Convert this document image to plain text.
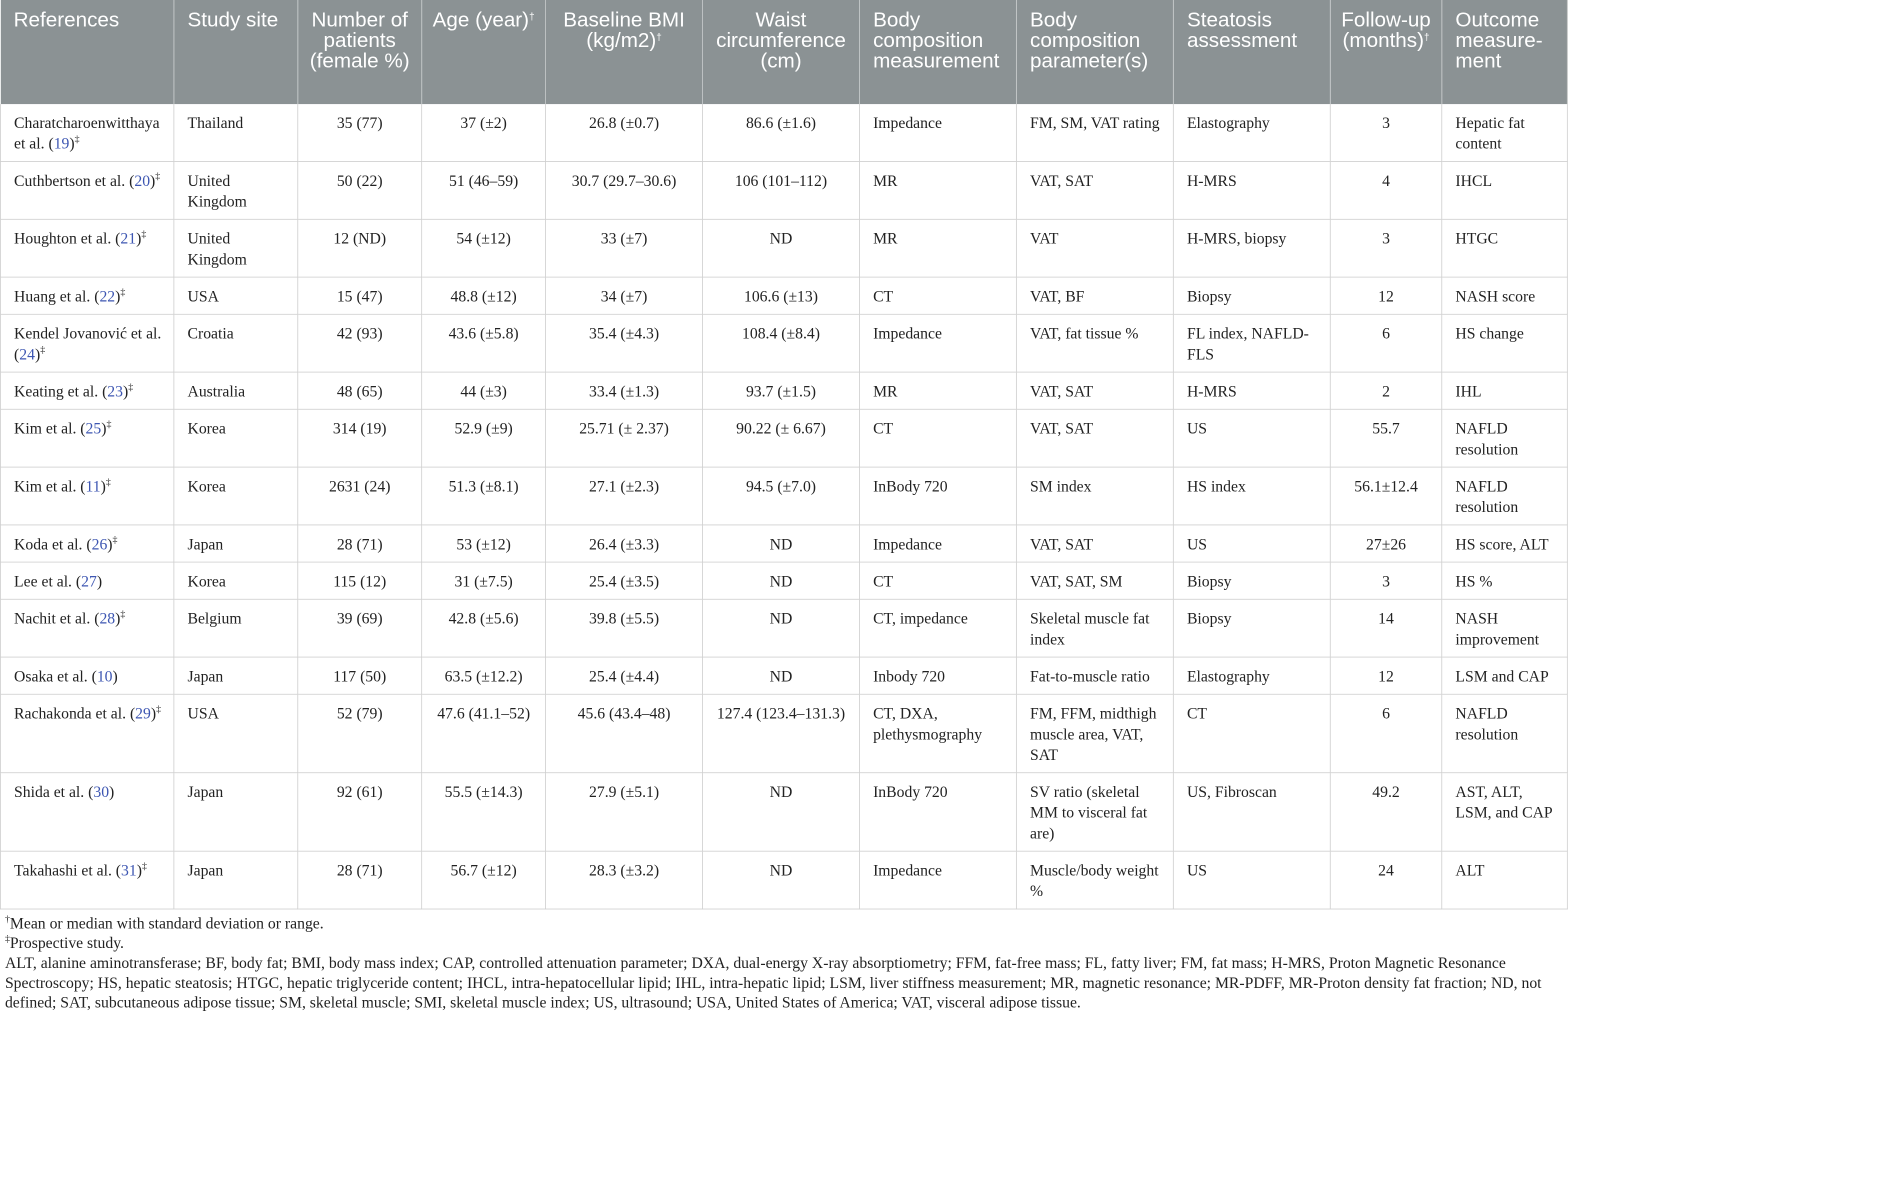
References	Study site	Number of patients (female %)	Age (year)†	Baseline BMI (kg/m2)†	Waist circumference (cm)	Body composition measurement	Body composition parameter(s)	Steatosis assessment	Follow-up (months)†	Outcome measure-ment
Charatcharoenwitthaya et al. (19)‡	Thailand	35 (77)	37 (±2)	26.8 (±0.7)	86.6 (±1.6)	Impedance	FM, SM, VAT rating	Elastography	3	Hepatic fat content
Cuthbertson et al. (20)‡	United Kingdom	50 (22)	51 (46–59)	30.7 (29.7–30.6)	106 (101–112)	MR	VAT, SAT	H-MRS	4	IHCL
Houghton et al. (21)‡	United Kingdom	12 (ND)	54 (±12)	33 (±7)	ND	MR	VAT	H-MRS, biopsy	3	HTGC
Huang et al. (22)‡	USA	15 (47)	48.8 (±12)	34 (±7)	106.6 (±13)	CT	VAT, BF	Biopsy	12	NASH score
Kendel Jovanović et al. (24)‡	Croatia	42 (93)	43.6 (±5.8)	35.4 (±4.3)	108.4 (±8.4)	Impedance	VAT, fat tissue %	FL index, NAFLD-FLS	6	HS change
Keating et al. (23)‡	Australia	48 (65)	44 (±3)	33.4 (±1.3)	93.7 (±1.5)	MR	VAT, SAT	H-MRS	2	IHL
Kim et al. (25)‡	Korea	314 (19)	52.9 (±9)	25.71 (± 2.37)	90.22 (± 6.67)	CT	VAT, SAT	US	55.7	NAFLD resolution
Kim et al. (11)‡	Korea	2631 (24)	51.3 (±8.1)	27.1 (±2.3)	94.5 (±7.0)	InBody 720	SM index	HS index	56.1±12.4	NAFLD resolution
Koda et al. (26)‡	Japan	28 (71)	53 (±12)	26.4 (±3.3)	ND	Impedance	VAT, SAT	US	27±26	HS score, ALT
Lee et al. (27)	Korea	115 (12)	31 (±7.5)	25.4 (±3.5)	ND	CT	VAT, SAT, SM	Biopsy	3	HS %
Nachit et al. (28)‡	Belgium	39 (69)	42.8 (±5.6)	39.8 (±5.5)	ND	CT, impedance	Skeletal muscle fat index	Biopsy	14	NASH improvement
Osaka et al. (10)	Japan	117 (50)	63.5 (±12.2)	25.4 (±4.4)	ND	Inbody 720	Fat-to-muscle ratio	Elastography	12	LSM and CAP
Rachakonda et al. (29)‡	USA	52 (79)	47.6 (41.1–52)	45.6 (43.4–48)	127.4 (123.4–131.3)	CT, DXA, plethysmography	FM, FFM, midthigh muscle area, VAT, SAT	CT	6	NAFLD resolution
Shida et al. (30)	Japan	92 (61)	55.5 (±14.3)	27.9 (±5.1)	ND	InBody 720	SV ratio (skeletal MM to visceral fat are)	US, Fibroscan	49.2	AST, ALT, LSM, and CAP
Takahashi et al. (31)‡	Japan	28 (71)	56.7 (±12)	28.3 (±3.2)	ND	Impedance	Muscle/body weight %	US	24	ALT

†Mean or median with standard deviation or range.

‡Prospective study.

ALT, alanine aminotransferase; BF, body fat; BMI, body mass index; CAP, controlled attenuation parameter; DXA, dual-energy X-ray absorptiometry; FFM, fat-free mass; FL, fatty liver; FM, fat mass; H-MRS, Proton Magnetic Resonance Spectroscopy; HS, hepatic steatosis; HTGC, hepatic triglyceride content; IHCL, intra-hepatocellular lipid; IHL, intra-hepatic lipid; LSM, liver stiffness measurement; MR, magnetic resonance; MR-PDFF, MR-Proton density fat fraction; ND, not defined; SAT, subcutaneous adipose tissue; SM, skeletal muscle; SMI, skeletal muscle index; US, ultrasound; USA, United States of America; VAT, visceral adipose tissue.
